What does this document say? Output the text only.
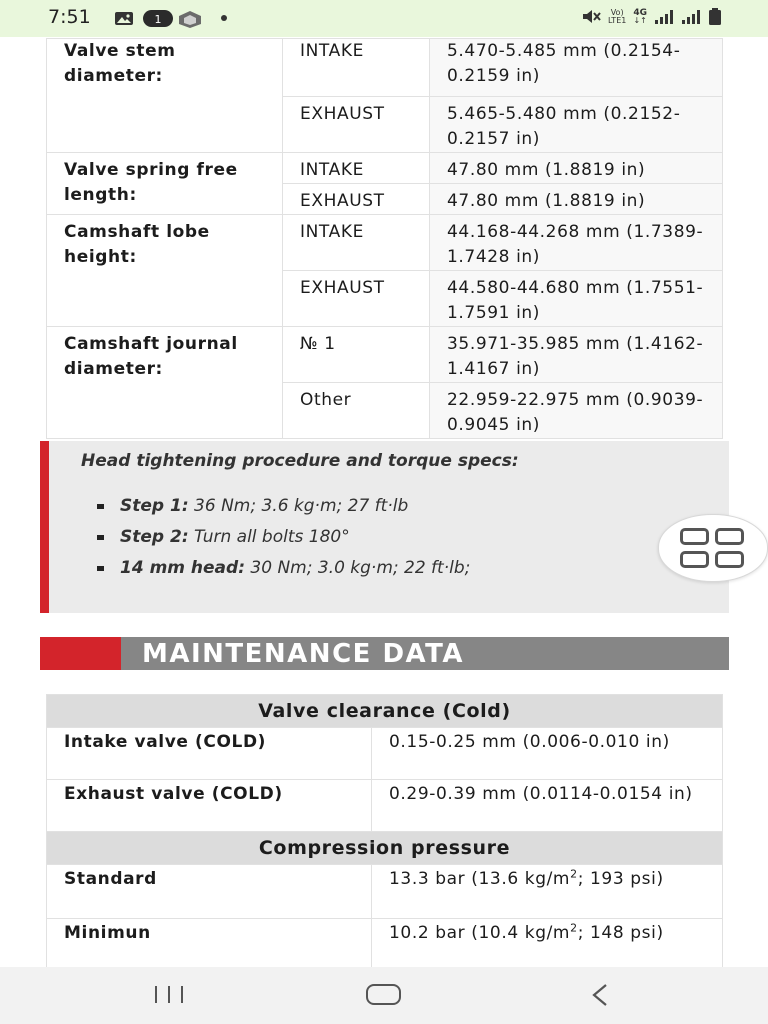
7:51	1
Vo)
LTE1
4G
↓↑
Valve stem diameter:	INTAKE	5.470-5.485 mm (0.2154-0.2159 in)
	EXHAUST	5.465-5.480 mm (0.2152-0.2157 in)
Valve spring free length:	INTAKE	47.80 mm (1.8819 in)
	EXHAUST	47.80 mm (1.8819 in)
Camshaft lobe height:	INTAKE	44.168-44.268 mm (1.7389-1.7428 in)
	EXHAUST	44.580-44.680 mm (1.7551-1.7591 in)
Camshaft journal diameter:	№ 1	35.971-35.985 mm (1.4162-1.4167 in)
	Other	22.959-22.975 mm (0.9039-0.9045 in)
Head tightening procedure and torque specs:
Step 1: 36 Nm; 3.6 kg·m; 27 ft·lb
Step 2: Turn all bolts 180°
14 mm head: 30 Nm; 3.0 kg·m; 22 ft·lb;
MAINTENANCE DATA
Valve clearance (Cold)	
Intake valve (COLD)	0.15-0.25 mm (0.006-0.010 in)
Exhaust valve (COLD)	0.29-0.39 mm (0.0114-0.0154 in)
Compression pressure	
Standard	13.3 bar (13.6 $kg/m^2$; 193 psi)
Minimun	10.2 bar (10.4 $kg/m^2$; 148 psi)
